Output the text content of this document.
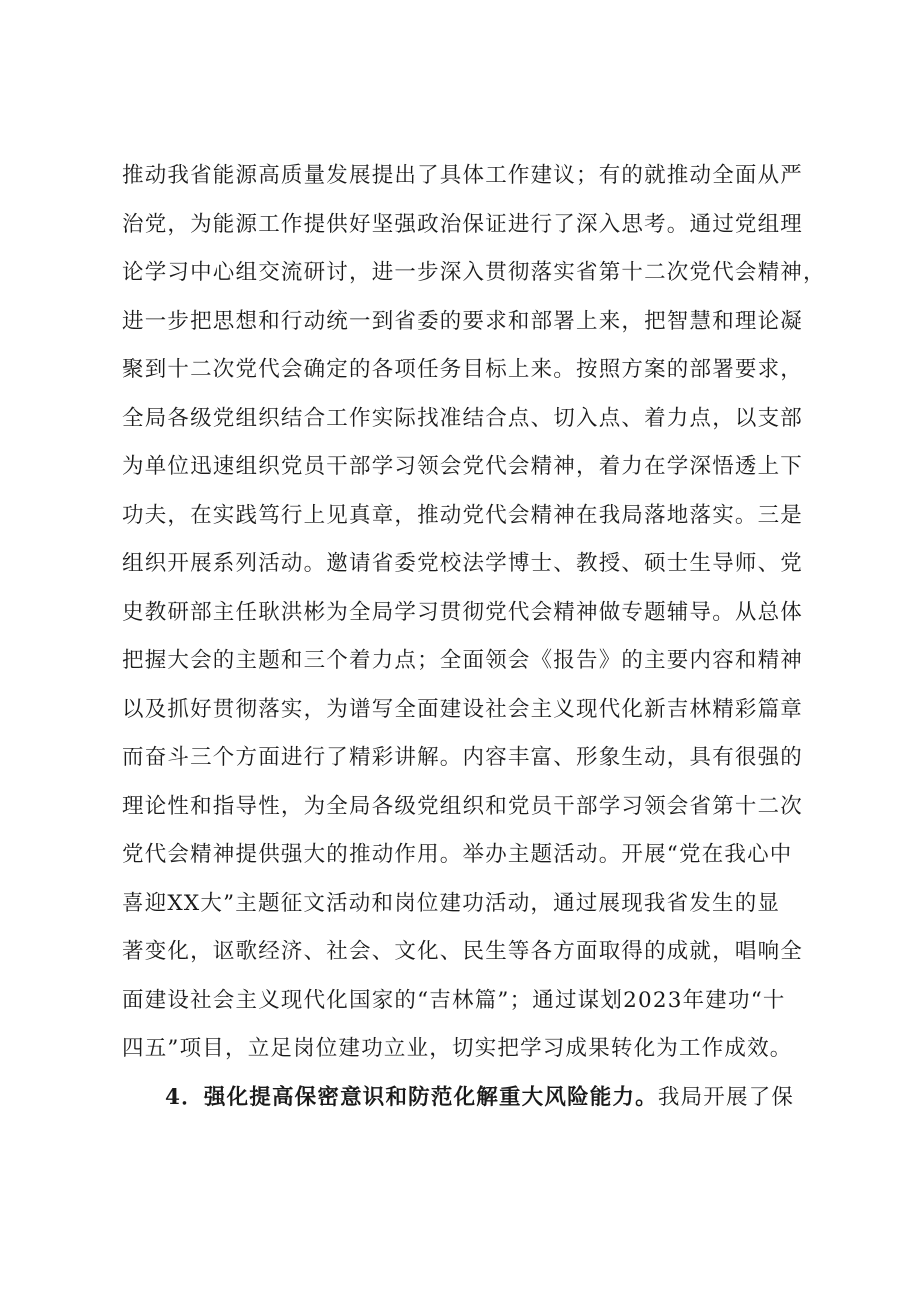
推动我省能源高质量发展提出了具体工作建议；有的就推动全面从严
治党，为能源工作提供好坚强政治保证进行了深入思考。通过党组理
论学习中心组交流研讨，进一步深入贯彻落实省第十二次党代会精神，
进一步把思想和行动统一到省委的要求和部署上来，把智慧和理论凝
聚到十二次党代会确定的各项任务目标上来。按照方案的部署要求，
全局各级党组织结合工作实际找准结合点、切入点、着力点，以支部
为单位迅速组织党员干部学习领会党代会精神，着力在学深悟透上下
功夫，在实践笃行上见真章，推动党代会精神在我局落地落实。三是
组织开展系列活动。邀请省委党校法学博士、教授、硕士生导师、党
史教研部主任耿洪彬为全局学习贯彻党代会精神做专题辅导。从总体
把握大会的主题和三个着力点；全面领会《报告》的主要内容和精神
以及抓好贯彻落实，为谱写全面建设社会主义现代化新吉林精彩篇章
而奋斗三个方面进行了精彩讲解。内容丰富、形象生动，具有很强的
理论性和指导性，为全局各级党组织和党员干部学习领会省第十二次
党代会精神提供强大的推动作用。举办主题活动。开展“党在我心中
喜迎XX大”主题征文活动和岗位建功活动，通过展现我省发生的显
著变化，讴歌经济、社会、文化、民生等各方面取得的成就，唱响全
面建设社会主义现代化国家的“吉林篇”；通过谋划2023年建功“十
四五”项目，立足岗位建功立业，切实把学习成果转化为工作成效。
4．强化提高保密意识和防范化解重大风险能力。我局开展了保
